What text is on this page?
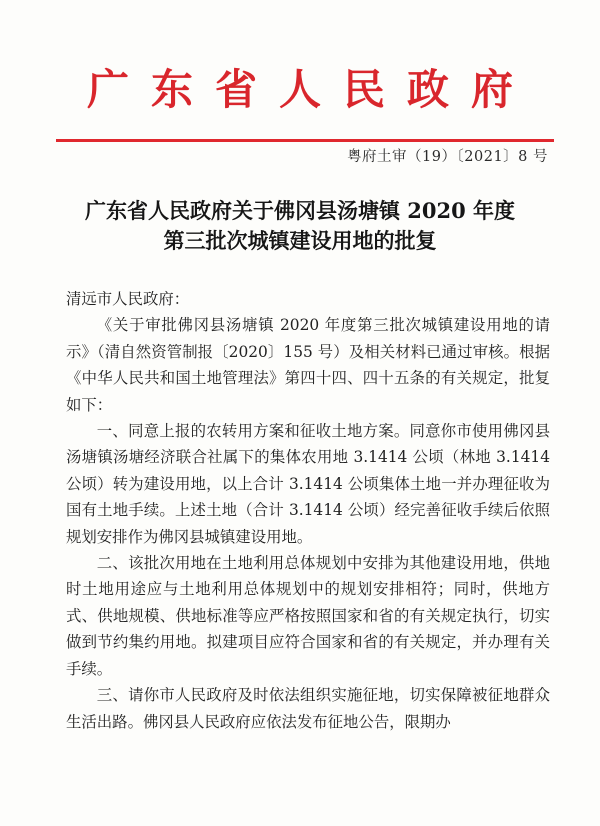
广东省人民政府
粤府土审（19）〔2021〕8 号
广东省人民政府关于佛冈县汤塘镇 2020 年度
第三批次城镇建设用地的批复

清远市人民政府：

《关于审批佛冈县汤塘镇 2020 年度第三批次城镇建设用地的请示》（清自然资管制报〔2020〕155 号）及相关材料已通过审核。根据《中华人民共和国土地管理法》第四十四、四十五条的有关规定，批复如下：

一、同意上报的农转用方案和征收土地方案。同意你市使用佛冈县汤塘镇汤塘经济联合社属下的集体农用地 3.1414 公顷（林地 3.1414 公顷）转为建设用地，以上合计 3.1414 公顷集体土地一并办理征收为国有土地手续。上述土地（合计 3.1414 公顷）经完善征收手续后依照规划安排作为佛冈县城镇建设用地。

二、该批次用地在土地利用总体规划中安排为其他建设用地，供地时土地用途应与土地利用总体规划中的规划安排相符；同时，供地方式、供地规模、供地标准等应严格按照国家和省的有关规定执行，切实做到节约集约用地。拟建项目应符合国家和省的有关规定，并办理有关手续。

三、请你市人民政府及时依法组织实施征地，切实保障被征地群众生活出路。佛冈县人民政府应依法发布征地公告，限期办
